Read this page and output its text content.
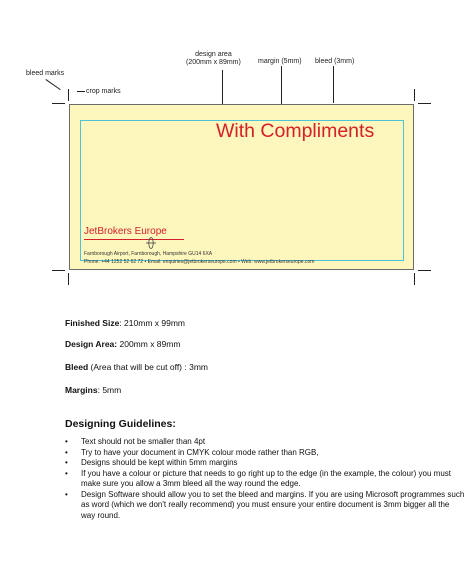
bleed marks
crop marks
design area
(200mm x 89mm) margin (5mm) bleed (3mm)
With Compliments
JetBrokers Europe
Farnborough Airport, Farnborough, Hampshire GU14 6XA
Phone: +44 1252 52 62 72 • Email: enquiries@jetbrokerseurope.com • Web: www.jetbrokerseurope.com
Finished Size: 210mm x 99mm
Design Area: 200mm x 89mm
Bleed (Area that will be cut off) : 3mm
Margins: 5mm
Designing Guidelines:
• Text should not be smaller than 4pt
• Try to have your document in CMYK colour mode rather than RGB,
• Designs should be kept within 5mm margins
• If you have a colour or picture that needs to go right up to the edge (in the example, the colour) you must make sure you allow a 3mm bleed all the way round the edge.
• Design Software should allow you to set the bleed and margins. If you are using Microsoft programmes such as word (which we don't really recommend) you must ensure your entire document is 3mm bigger all the way round.
